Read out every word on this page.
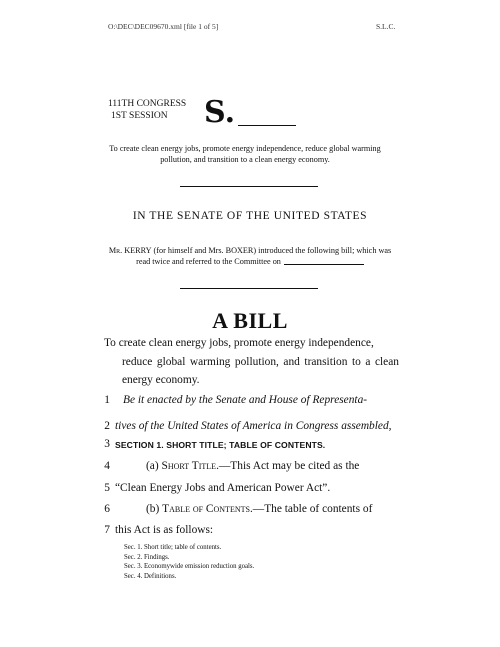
O:\DEC\DEC09670.xml [file 1 of 5]	S.L.C.
111TH CONGRESS
1ST SESSION	S.
To create clean energy jobs, promote energy independence, reduce global warming pollution, and transition to a clean energy economy.
IN THE SENATE OF THE UNITED STATES
Mr. KERRY (for himself and Mrs. BOXER) introduced the following bill; which was read twice and referred to the Committee on
A BILL
To create clean energy jobs, promote energy independence,
reduce global warming pollution, and transition to a clean energy economy.
1 Be it enacted by the Senate and House of Representa-
2 tives of the United States of America in Congress assembled,
3 SECTION 1. SHORT TITLE; TABLE OF CONTENTS.
4	(a) Short Title.—This Act may be cited as the
5 “Clean Energy Jobs and American Power Act”.
6	(b) Table of Contents.—The table of contents of
7 this Act is as follows:
Sec. 1. Short title; table of contents.
Sec. 2. Findings.
Sec. 3. Economywide emission reduction goals.
Sec. 4. Definitions.
